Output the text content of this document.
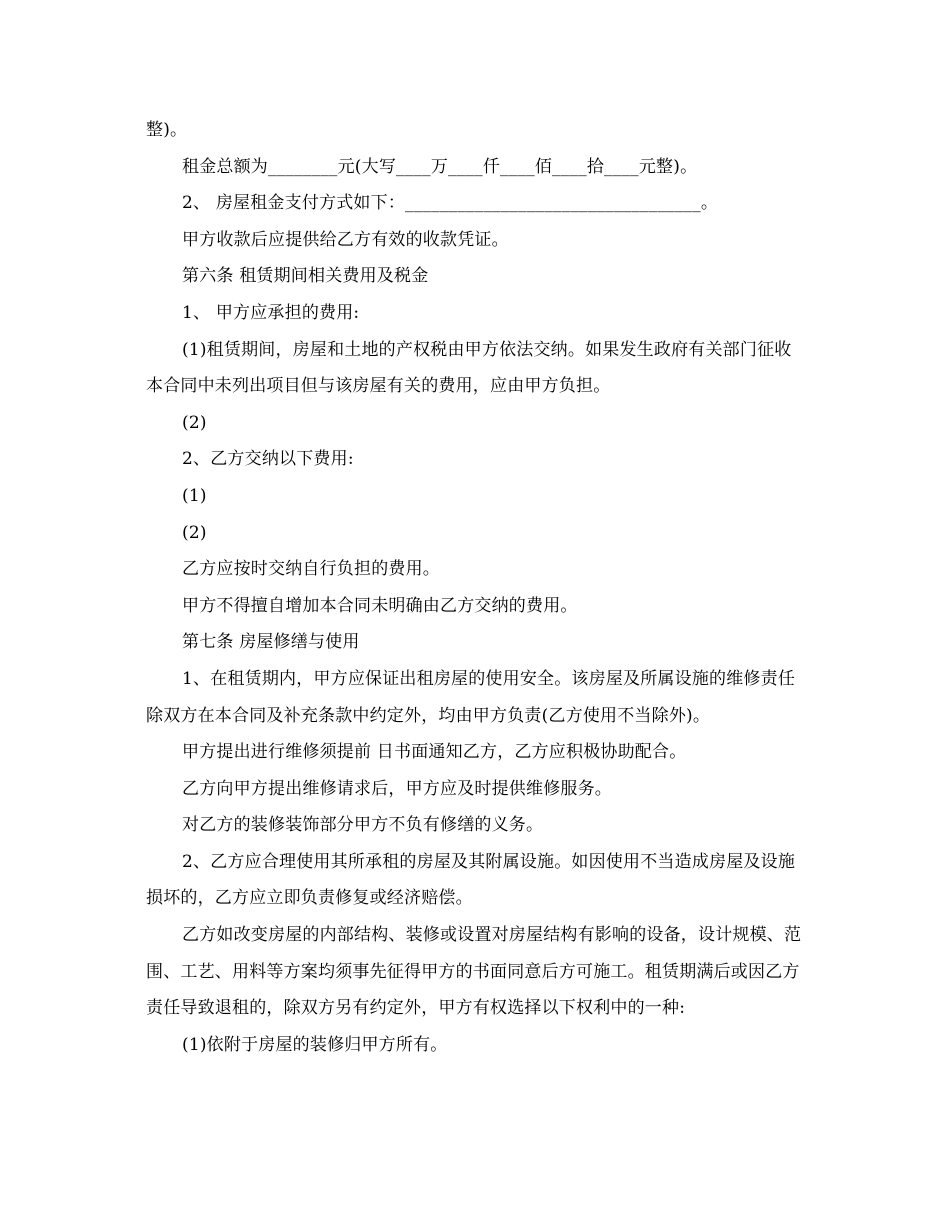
整)。

租金总额为________元(大写____万____仟____佰____拾____元整)。

2、 房屋租金支付方式如下：__________________________________。

甲方收款后应提供给乙方有效的收款凭证。

第六条 租赁期间相关费用及税金

1、 甲方应承担的费用:

(1)租赁期间，房屋和土地的产权税由甲方依法交纳。如果发生政府有关部门征收本合同中未列出项目但与该房屋有关的费用，应由甲方负担。

(2)

2、乙方交纳以下费用:

(1)

(2)

乙方应按时交纳自行负担的费用。

甲方不得擅自增加本合同未明确由乙方交纳的费用。

第七条 房屋修缮与使用

1、在租赁期内，甲方应保证出租房屋的使用安全。该房屋及所属设施的维修责任除双方在本合同及补充条款中约定外，均由甲方负责(乙方使用不当除外)。

甲方提出进行维修须提前 日书面通知乙方，乙方应积极协助配合。

乙方向甲方提出维修请求后，甲方应及时提供维修服务。

对乙方的装修装饰部分甲方不负有修缮的义务。

2、乙方应合理使用其所承租的房屋及其附属设施。如因使用不当造成房屋及设施损坏的，乙方应立即负责修复或经济赔偿。

乙方如改变房屋的内部结构、装修或设置对房屋结构有影响的设备，设计规模、范围、工艺、用料等方案均须事先征得甲方的书面同意后方可施工。租赁期满后或因乙方责任导致退租的，除双方另有约定外，甲方有权选择以下权利中的一种:

(1)依附于房屋的装修归甲方所有。
